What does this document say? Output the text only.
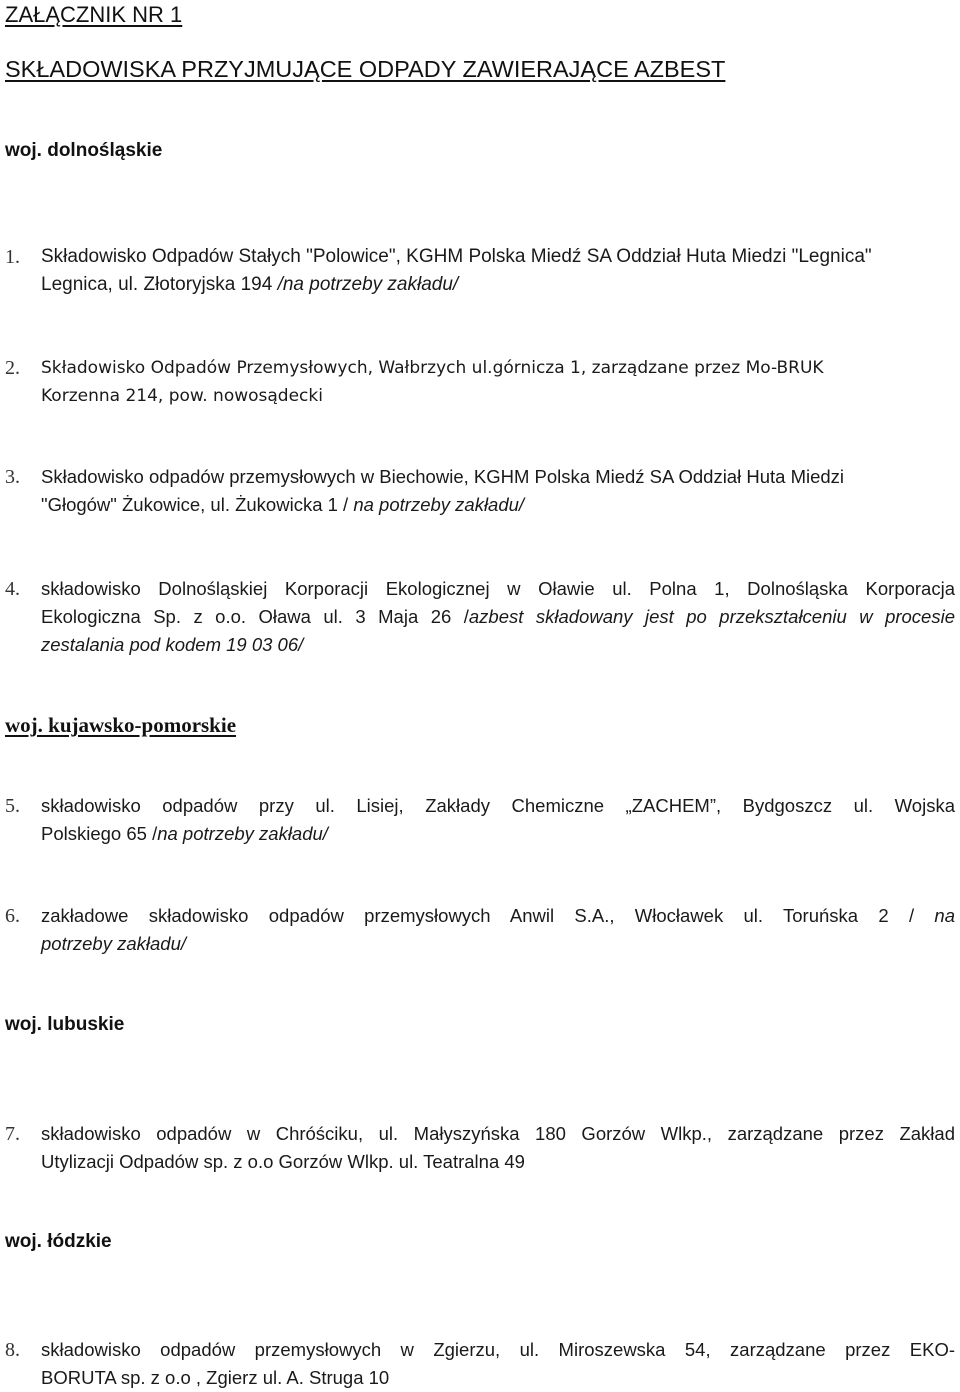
ZAŁĄCZNIK NR 1
SKŁADOWISKA PRZYJMUJĄCE ODPADY ZAWIERAJĄCE AZBEST
woj. dolnośląskie
1. Składowisko Odpadów Stałych "Polowice", KGHM Polska Miedź SA Oddział Huta Miedzi "Legnica"
Legnica, ul. Złotoryjska 194 /na potrzeby zakładu/
2. Składowisko Odpadów Przemysłowych, Wałbrzych ul.górnicza 1, zarządzane przez Mo-BRUK
Korzenna 214, pow. nowosądecki
3. Składowisko odpadów przemysłowych w Biechowie, KGHM Polska Miedź SA Oddział Huta Miedzi
"Głogów" Żukowice, ul. Żukowicka 1 / na potrzeby zakładu/
4. składowisko Dolnośląskiej Korporacji Ekologicznej w Oławie ul. Polna 1, Dolnośląska Korporacja
Ekologiczna Sp. z o.o. Oława ul. 3 Maja 26 /azbest składowany jest po przekształceniu w procesie
zestalania pod kodem 19 03 06/
woj. kujawsko-pomorskie
5. składowisko odpadów przy ul. Lisiej, Zakłady Chemiczne „ZACHEM”, Bydgoszcz ul. Wojska
Polskiego 65 /na potrzeby zakładu/
6. zakładowe składowisko odpadów przemysłowych Anwil S.A., Włocławek ul. Toruńska 2 / na
potrzeby zakładu/
woj. lubuskie
7. składowisko odpadów w Chróściku, ul. Małyszyńska 180 Gorzów Wlkp., zarządzane przez Zakład
Utylizacji Odpadów sp. z o.o Gorzów Wlkp. ul. Teatralna 49
woj. łódzkie
8. składowisko odpadów przemysłowych w Zgierzu, ul. Miroszewska 54, zarządzane przez EKO-
BORUTA sp. z o.o , Zgierz ul. A. Struga 10
